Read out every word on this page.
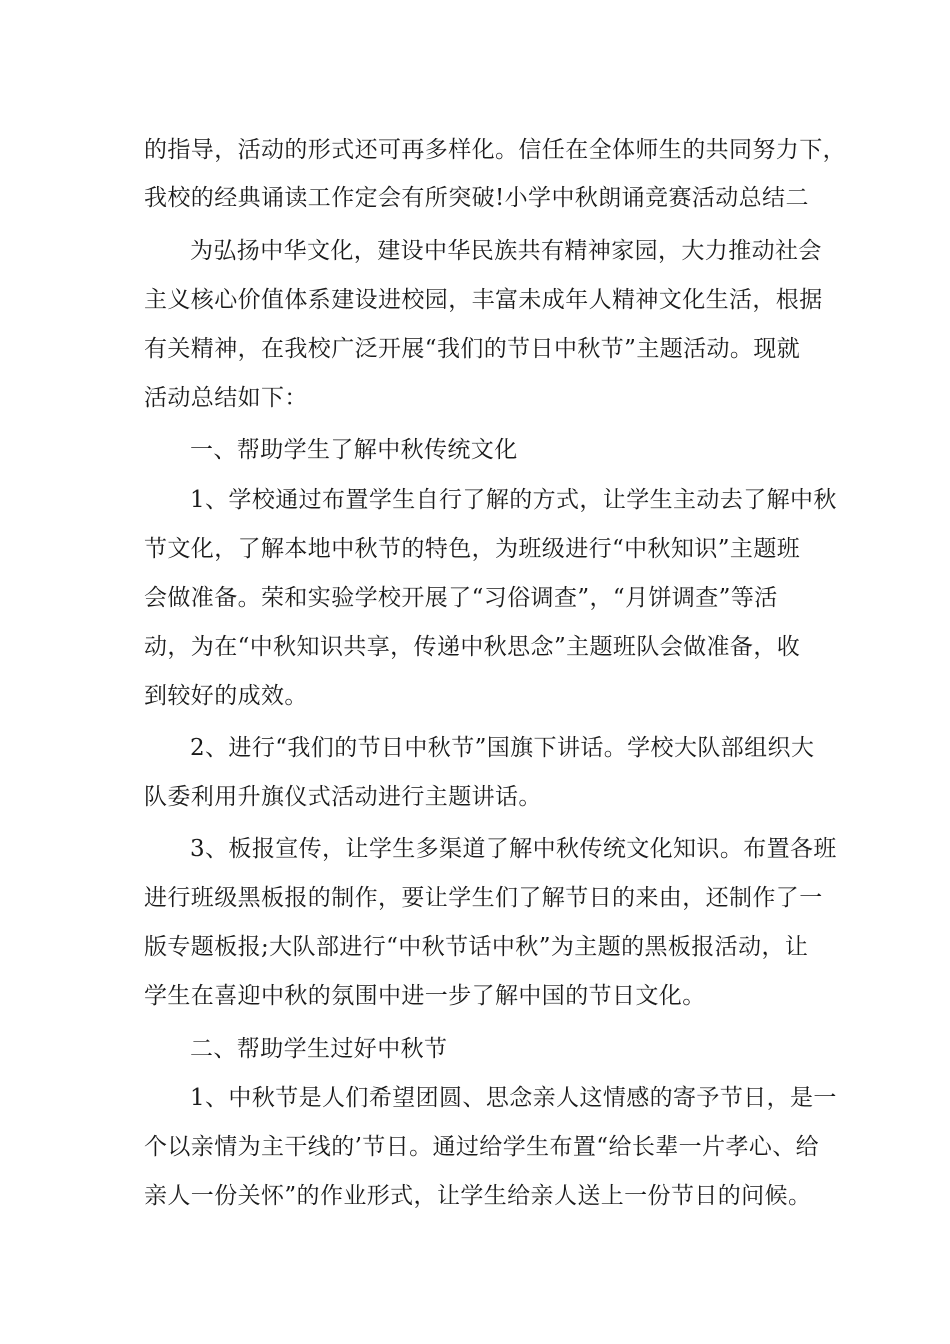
的指导，活动的形式还可再多样化。信任在全体师生的共同努力下，
我校的经典诵读工作定会有所突破!小学中秋朗诵竞赛活动总结二
为弘扬中华文化，建设中华民族共有精神家园，大力推动社会
主义核心价值体系建设进校园，丰富未成年人精神文化生活，根据
有关精神，在我校广泛开展“我们的节日中秋节”主题活动。现就
活动总结如下：
一、帮助学生了解中秋传统文化
1、学校通过布置学生自行了解的方式，让学生主动去了解中秋
节文化，了解本地中秋节的特色，为班级进行“中秋知识”主题班
会做准备。荣和实验学校开展了“习俗调查”，“月饼调查”等活
动，为在“中秋知识共享，传递中秋思念”主题班队会做准备，收
到较好的成效。
2、进行“我们的节日中秋节”国旗下讲话。学校大队部组织大
队委利用升旗仪式活动进行主题讲话。
3、板报宣传，让学生多渠道了解中秋传统文化知识。布置各班
进行班级黑板报的制作，要让学生们了解节日的来由，还制作了一
版专题板报;大队部进行“中秋节话中秋”为主题的黑板报活动，让
学生在喜迎中秋的氛围中进一步了解中国的节日文化。
二、帮助学生过好中秋节
1、中秋节是人们希望团圆、思念亲人这情感的寄予节日，是一
个以亲情为主干线的’节日。通过给学生布置“给长辈一片孝心、给
亲人一份关怀”的作业形式，让学生给亲人送上一份节日的问候。
